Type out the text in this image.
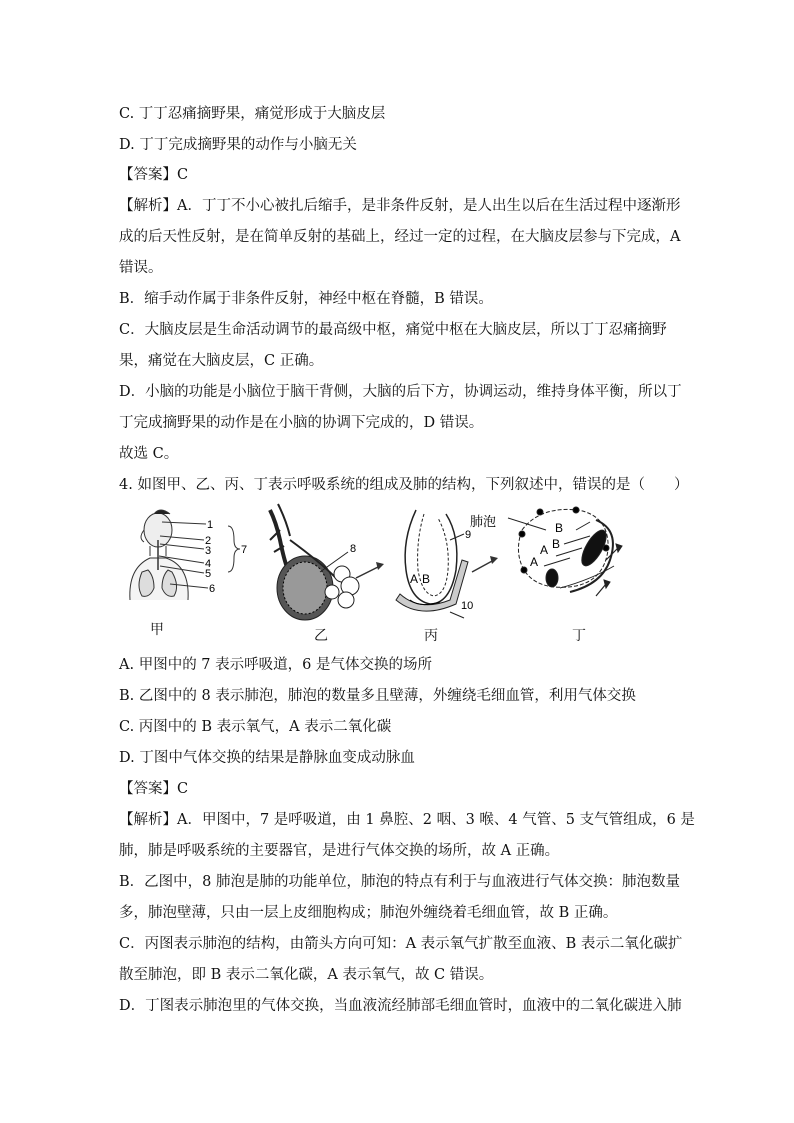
C. 丁丁忍痛摘野果，痛觉形成于大脑皮层
D. 丁丁完成摘野果的动作与小脑无关
【答案】C
【解析】A．丁丁不小心被扎后缩手，是非条件反射，是人出生以后在生活过程中逐渐形
成的后天性反射，是在简单反射的基础上，经过一定的过程，在大脑皮层参与下完成，A
错误。
B．缩手动作属于非条件反射，神经中枢在脊髓，B 错误。
C．大脑皮层是生命活动调节的最高级中枢，痛觉中枢在大脑皮层，所以丁丁忍痛摘野
果，痛觉在大脑皮层，C 正确。
D．小脑的功能是小脑位于脑干背侧，大脑的后下方，协调运动，维持身体平衡，所以丁
丁完成摘野果的动作是在小脑的协调下完成的，D 错误。
故选 C。
4. 如图甲、乙、丙、丁表示呼吸系统的组成及肺的结构，下列叙述中，错误的是（　　）
1
2
3
4
5
6
7	8
9
10
A B
肺泡	B
B
A
A
甲	乙	丙	丁
A. 甲图中的 7 表示呼吸道，6 是气体交换的场所
B. 乙图中的 8 表示肺泡，肺泡的数量多且壁薄，外缠绕毛细血管，利用气体交换
C. 丙图中的 B 表示氧气，A 表示二氧化碳
D. 丁图中气体交换的结果是静脉血变成动脉血
【答案】C
【解析】A．甲图中，7 是呼吸道，由 1 鼻腔、2 咽、3 喉、4 气管、5 支气管组成，6 是
肺，肺是呼吸系统的主要器官，是进行气体交换的场所，故 A 正确。
B．乙图中，8 肺泡是肺的功能单位，肺泡的特点有利于与血液进行气体交换：肺泡数量
多，肺泡壁薄，只由一层上皮细胞构成；肺泡外缠绕着毛细血管，故 B 正确。
C．丙图表示肺泡的结构，由箭头方向可知：A 表示氧气扩散至血液、B 表示二氧化碳扩
散至肺泡，即 B 表示二氧化碳，A 表示氧气，故 C 错误。
D．丁图表示肺泡里的气体交换，当血液流经肺部毛细血管时，血液中的二氧化碳进入肺
